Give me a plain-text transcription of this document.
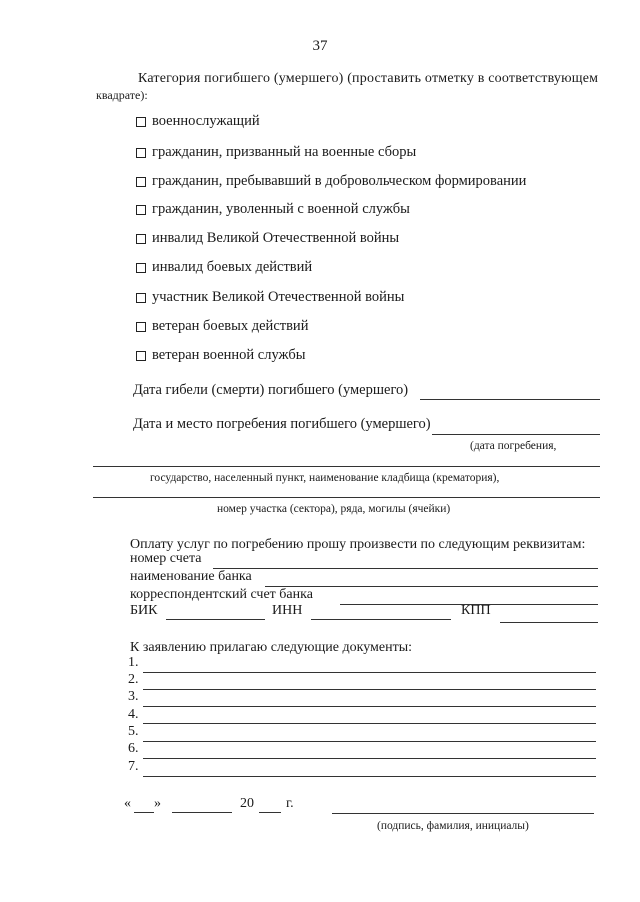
37
Категория погибшего (умершего) (проставить отметку в соответствующем
квадрате):
военнослужащий
гражданин, призванный на военные сборы
гражданин, пребывавший в добровольческом формировании
гражданин, уволенный с военной службы
инвалид Великой Отечественной войны
инвалид боевых действий
участник Великой Отечественной войны
ветеран боевых действий
ветеран военной службы
Дата гибели (смерти) погибшего (умершего)
Дата и место погребения погибшего (умершего)
(дата погребения,
государство, населенный пункт, наименование кладбища (крематория),
номер участка (сектора), ряда, могилы (ячейки)
Оплату услуг по погребению прошу произвести по следующим реквизитам:
номер счета
наименование банка
корреспондентский счет банка
БИК	ИНН	КПП
К заявлению прилагаю следующие документы:
1.
2.
3.
4.
5.
6.
7.
« »	20 г.
(подпись, фамилия, инициалы)
